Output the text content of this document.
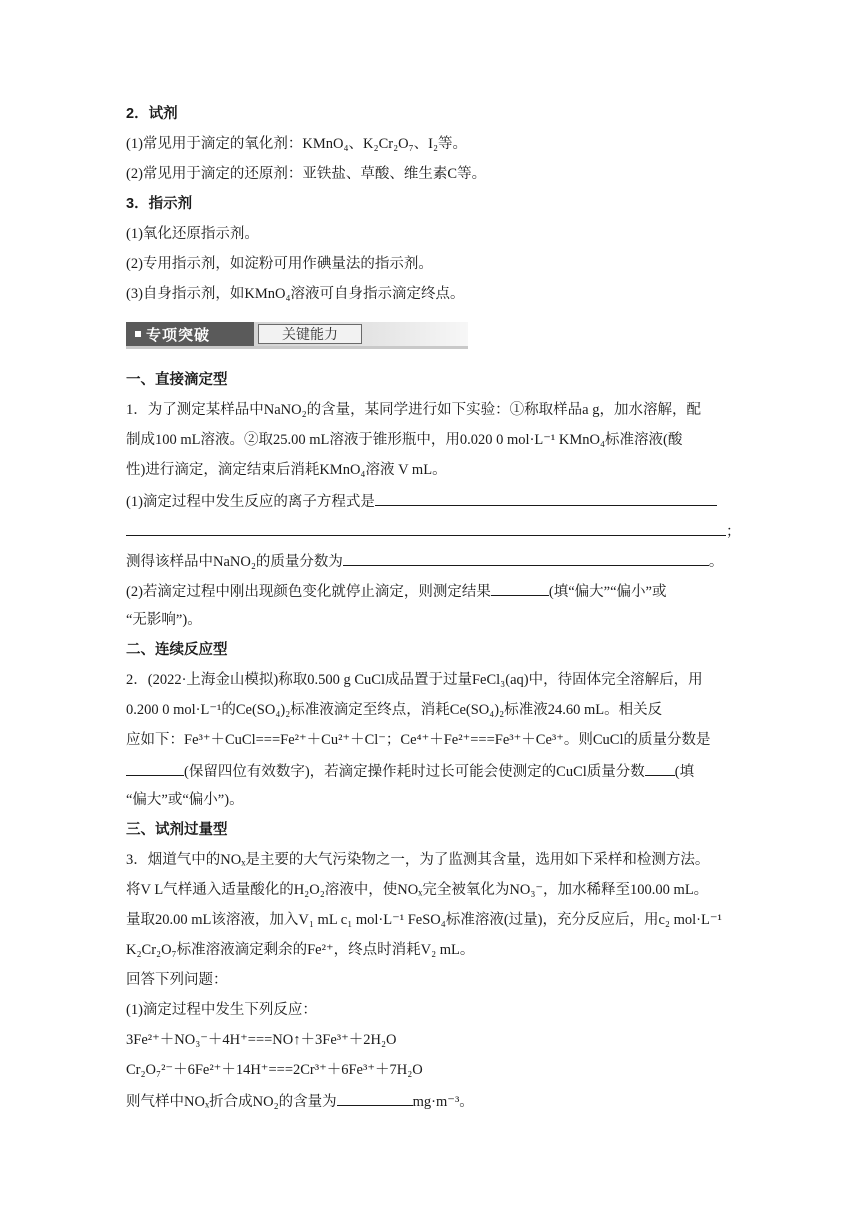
2．试剂
(1)常见用于滴定的氧化剂：KMnO₄、K₂Cr₂O₇、I₂等。
(2)常见用于滴定的还原剂：亚铁盐、草酸、维生素C等。
3．指示剂
(1)氧化还原指示剂。
(2)专用指示剂，如淀粉可用作碘量法的指示剂。
(3)自身指示剂，如KMnO₄溶液可自身指示滴定终点。
专项突破	关键能力
一、直接滴定型
1．为了测定某样品中NaNO₂的含量，某同学进行如下实验：①称取样品a g，加水溶解，配
制成100 mL溶液。②取25.00 mL溶液于锥形瓶中，用0.020 0 mol·L⁻¹ KMnO₄标准溶液(酸
性)进行滴定，滴定结束后消耗KMnO₄溶液 V mL。
(1)滴定过程中发生反应的离子方程式是
；
测得该样品中NaNO₂的质量分数为	。
(2)若滴定过程中刚出现颜色变化就停止滴定，则测定结果	(填“偏大”“偏小”或
“无影响”)。
二、连续反应型
2．(2022·上海金山模拟)称取0.500 g CuCl成品置于过量FeCl₃(aq)中，待固体完全溶解后，用
0.200 0 mol·L⁻¹的Ce(SO₄)₂标准液滴定至终点，消耗Ce(SO₄)₂标准液24.60 mL。相关反
应如下：Fe³⁺＋CuCl===Fe²⁺＋Cu²⁺＋Cl⁻；Ce⁴⁺＋Fe²⁺===Fe³⁺＋Ce³⁺。则CuCl的质量分数是
(保留四位有效数字)，若滴定操作耗时过长可能会使测定的CuCl质量分数 (填
“偏大”或“偏小”)。
三、试剂过量型
3．烟道气中的NOₓ是主要的大气污染物之一，为了监测其含量，选用如下采样和检测方法。
将V L气样通入适量酸化的H₂O₂溶液中，使NOₓ完全被氧化为NO₃⁻，加水稀释至100.00 mL。
量取20.00 mL该溶液，加入V₁ mL c₁ mol·L⁻¹ FeSO₄标准溶液(过量)，充分反应后，用c₂ mol·L⁻¹
K₂Cr₂O₇标准溶液滴定剩余的Fe²⁺，终点时消耗V₂ mL。
回答下列问题：
(1)滴定过程中发生下列反应：
3Fe²⁺＋NO₃⁻＋4H⁺===NO↑＋3Fe³⁺＋2H₂O
Cr₂O₇²⁻＋6Fe²⁺＋14H⁺===2Cr³⁺＋6Fe³⁺＋7H₂O
则气样中NOₓ折合成NO₂的含量为	mg·m⁻³。
